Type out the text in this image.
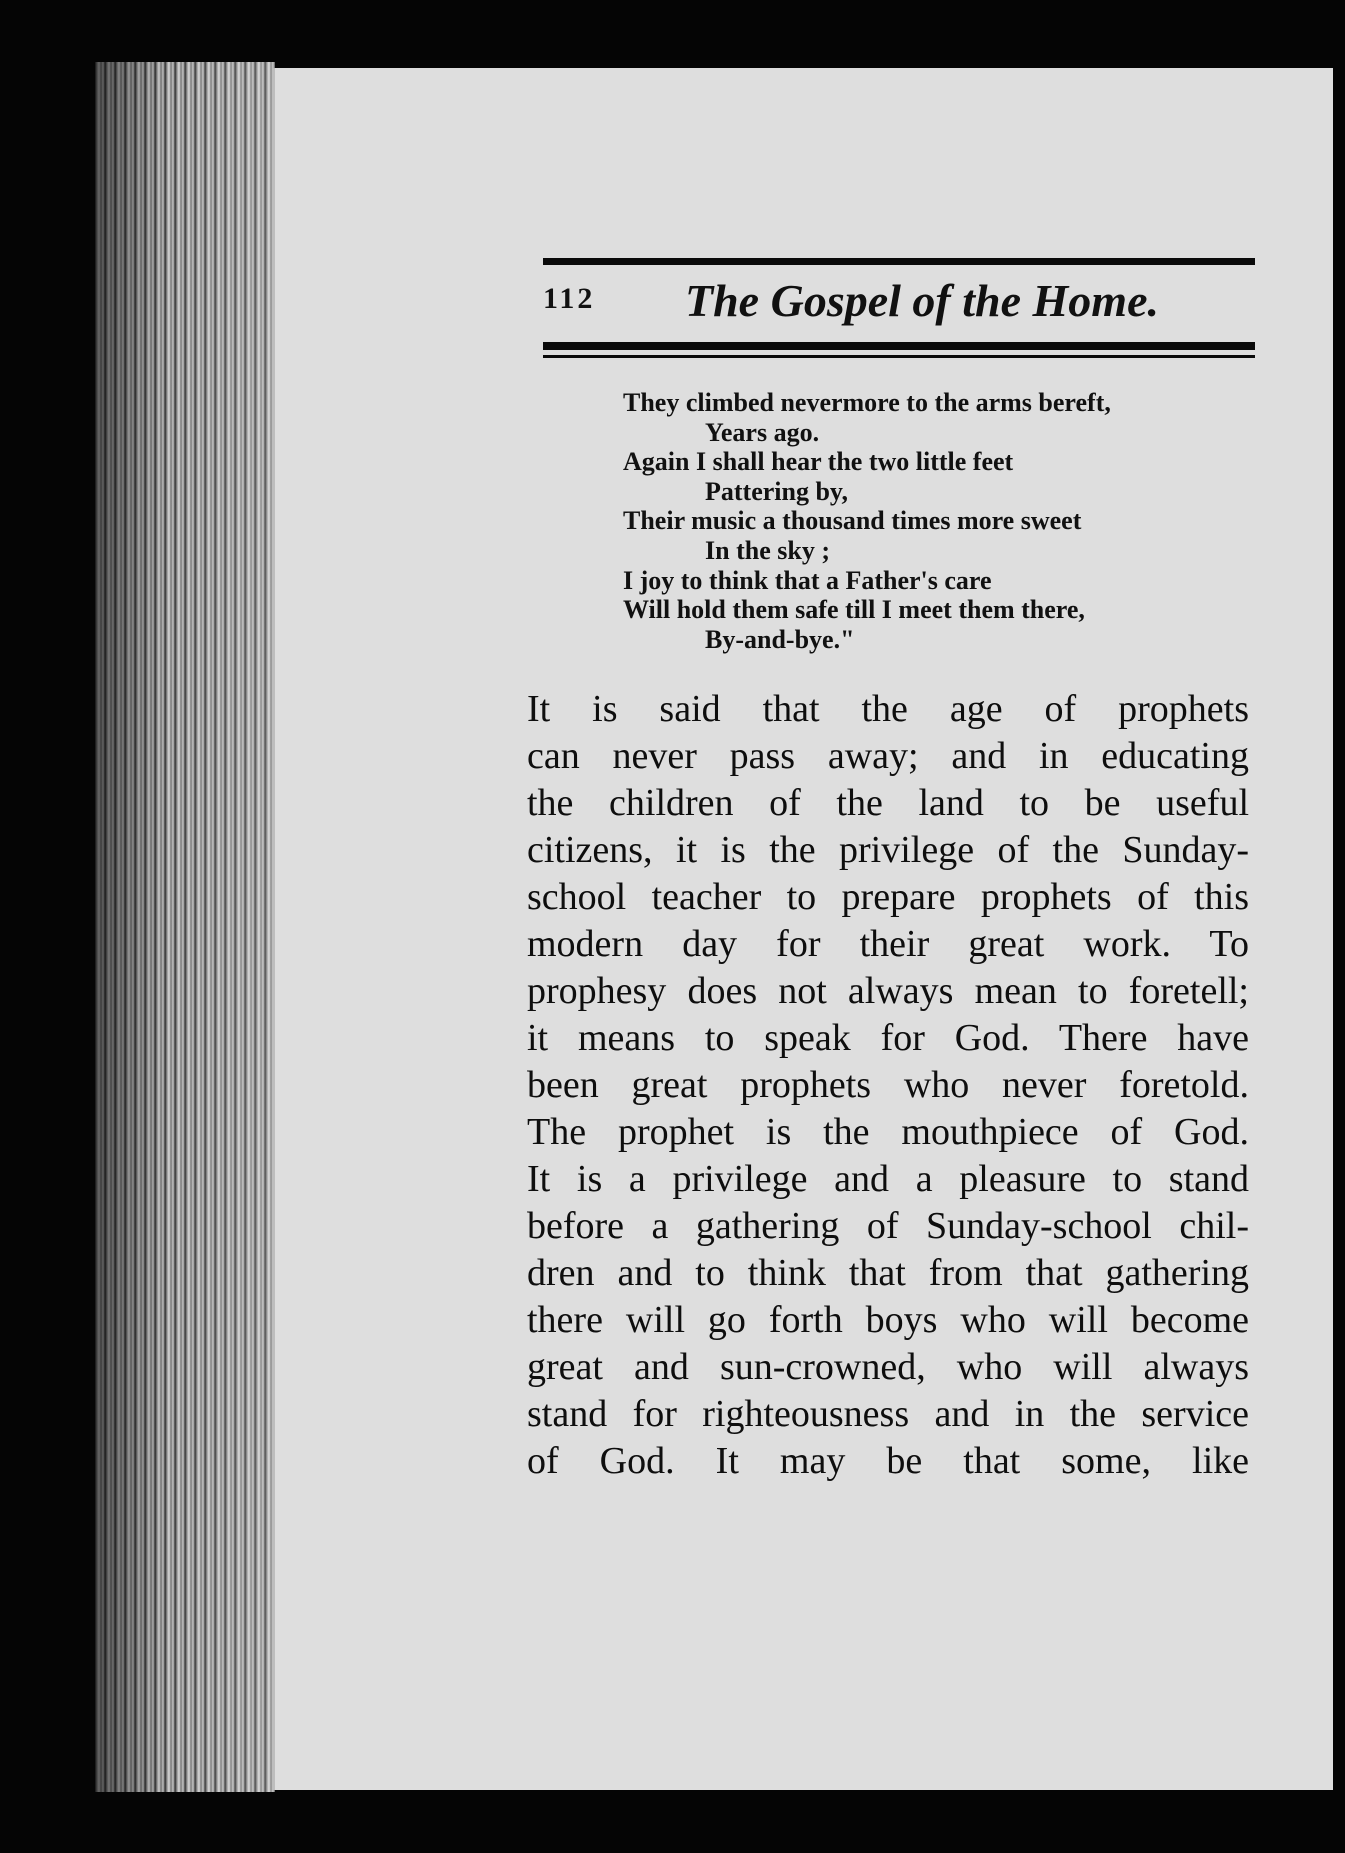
112 The Gospel of the Home.
They climbed nevermore to the arms bereft,
Years ago.
Again I shall hear the two little feet
Pattering by,
Their music a thousand times more sweet
In the sky ;
I joy to think that a Father's care
Will hold them safe till I meet them there,
By-and-bye."
It is said that the age of prophets
can never pass away; and in educating
the children of the land to be useful
citizens, it is the privilege of the Sunday-
school teacher to prepare prophets of this
modern day for their great work. To
prophesy does not always mean to foretell;
it means to speak for God. There have
been great prophets who never foretold.
The prophet is the mouthpiece of God.
It is a privilege and a pleasure to stand
before a gathering of Sunday-school chil-
dren and to think that from that gathering
there will go forth boys who will become
great and sun-crowned, who will always
stand for righteousness and in the service
of God. It may be that some, like
